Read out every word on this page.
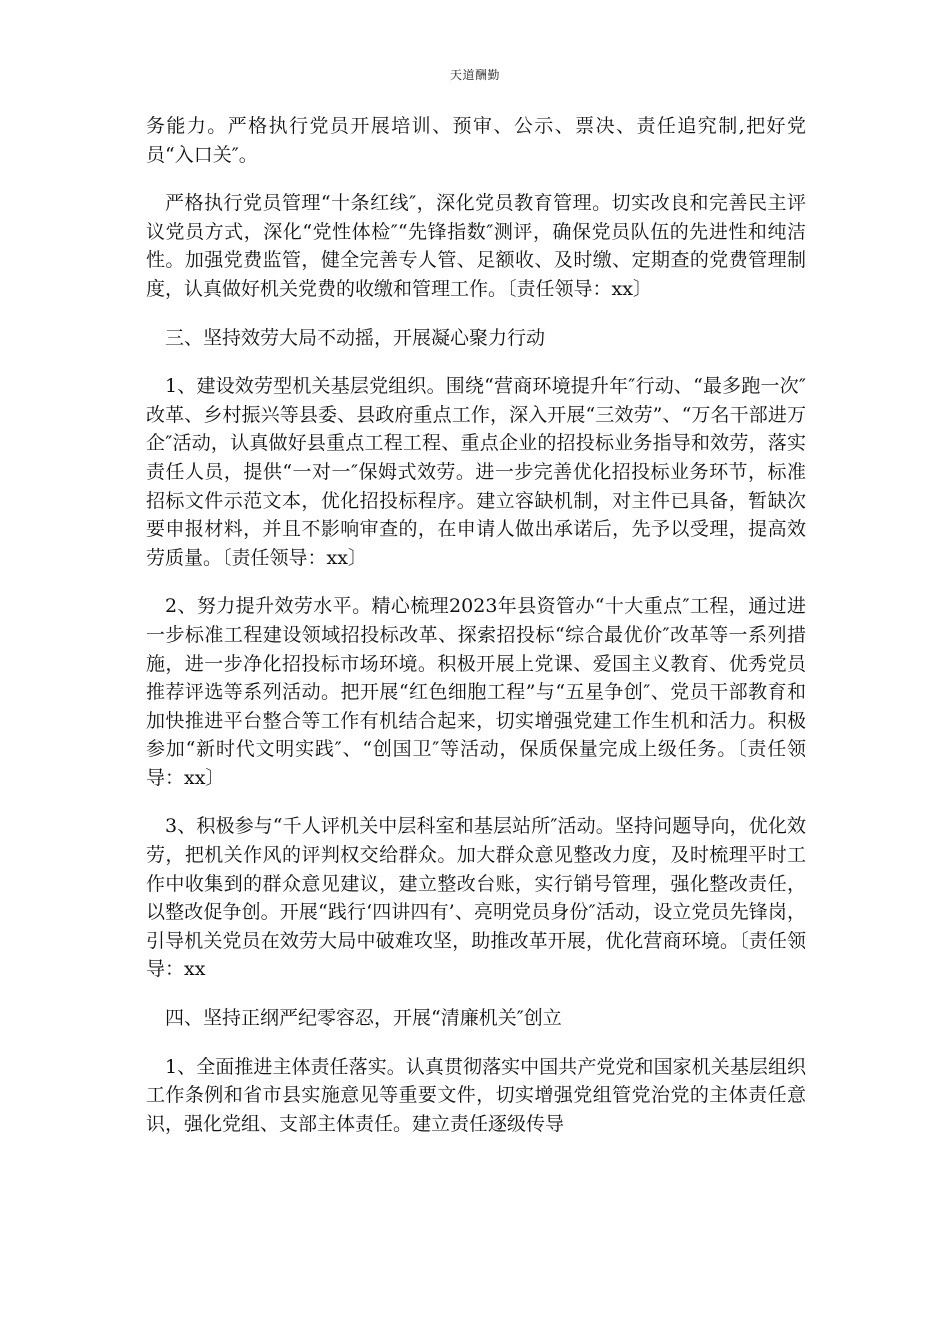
天道酬勤

务能力。严格执行党员开展培训、预审、公示、票决、责任追究制,把好党员“入口关″。

严格执行党员管理“十条红线″，深化党员教育管理。切实改良和完善民主评议党员方式，深化“党性体检″“先锋指数″测评，确保党员队伍的先进性和纯洁性。加强党费监管，健全完善专人管、足额收、及时缴、定期查的党费管理制度，认真做好机关党费的收缴和管理工作。〔责任领导：xx〕

三、坚持效劳大局不动摇，开展凝心聚力行动

1、建设效劳型机关基层党组织。围绕“营商环境提升年″行动、“最多跑一次″改革、乡村振兴等县委、县政府重点工作，深入开展“三效劳”、“万名干部进万企″活动，认真做好县重点工程工程、重点企业的招投标业务指导和效劳，落实责任人员，提供“一对一″保姆式效劳。进一步完善优化招投标业务环节，标准招标文件示范文本，优化招投标程序。建立容缺机制，对主件已具备，暂缺次要申报材料，并且不影响审查的，在申请人做出承诺后，先予以受理，提高效劳质量。〔责任领导：xx〕

2、努力提升效劳水平。精心梳理2023年县资管办“十大重点″工程，通过进一步标准工程建设领域招投标改革、探索招投标“综合最优价″改革等一系列措施，进一步净化招投标市场环境。积极开展上党课、爱国主义教育、优秀党员推荐评选等系列活动。把开展“红色细胞工程”与“五星争创″、党员干部教育和加快推进平台整合等工作有机结合起来，切实增强党建工作生机和活力。积极参加“新时代文明实践″、“创国卫″等活动，保质保量完成上级任务。〔责任领导：xx〕

3、积极参与“千人评机关中层科室和基层站所″活动。坚持问题导向，优化效劳，把机关作风的评判权交给群众。加大群众意见整改力度，及时梳理平时工作中收集到的群众意见建议，建立整改台账，实行销号管理，强化整改责任，以整改促争创。开展“践行‘四讲四有’、亮明党员身份″活动，设立党员先锋岗，引导机关党员在效劳大局中破难攻坚，助推改革开展，优化营商环境。〔责任领导：xx

四、坚持正纲严纪零容忍，开展“清廉机关″创立

1、全面推进主体责任落实。认真贯彻落实中国共产党党和国家机关基层组织工作条例和省市县实施意见等重要文件，切实增强党组管党治党的主体责任意识，强化党组、支部主体责任。建立责任逐级传导
